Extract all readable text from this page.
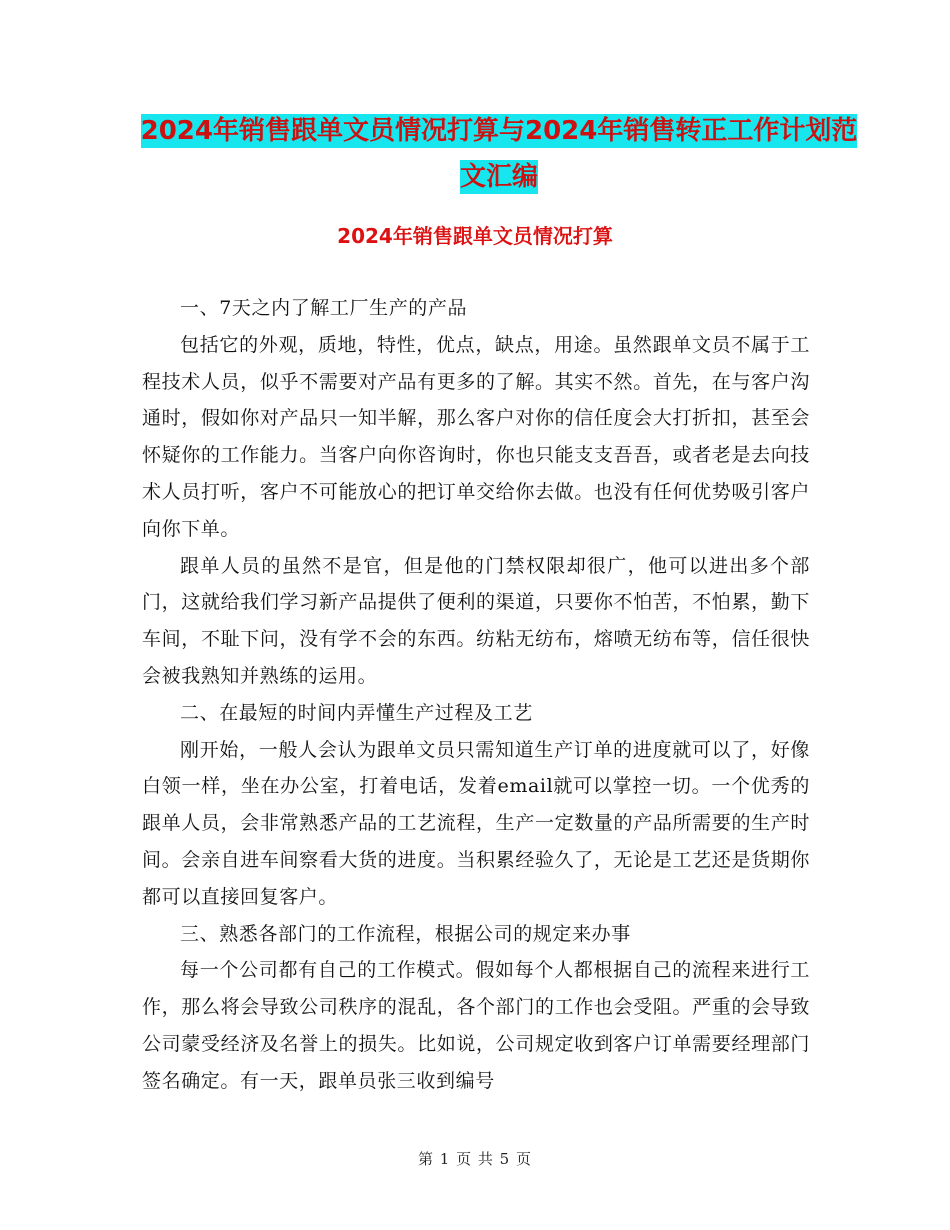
2024年销售跟单文员情况打算与2024年销售转正工作计划范文汇编
2024年销售跟单文员情况打算

一、7天之内了解工厂生产的产品

包括它的外观，质地，特性，优点，缺点，用途。虽然跟单文员不属于工程技术人员，似乎不需要对产品有更多的了解。其实不然。首先，在与客户沟通时，假如你对产品只一知半解，那么客户对你的信任度会大打折扣，甚至会怀疑你的工作能力。当客户向你咨询时，你也只能支支吾吾，或者老是去向技术人员打听，客户不可能放心的把订单交给你去做。也没有任何优势吸引客户向你下单。

跟单人员的虽然不是官，但是他的门禁权限却很广，他可以进出多个部门，这就给我们学习新产品提供了便利的渠道，只要你不怕苦，不怕累，勤下车间，不耻下问，没有学不会的东西。纺粘无纺布，熔喷无纺布等，信任很快会被我熟知并熟练的运用。

二、在最短的时间内弄懂生产过程及工艺

刚开始，一般人会认为跟单文员只需知道生产订单的进度就可以了，好像白领一样，坐在办公室，打着电话，发着email就可以掌控一切。一个优秀的跟单人员，会非常熟悉产品的工艺流程，生产一定数量的产品所需要的生产时间。会亲自进车间察看大货的进度。当积累经验久了，无论是工艺还是货期你都可以直接回复客户。

三、熟悉各部门的工作流程，根据公司的规定来办事

每一个公司都有自己的工作模式。假如每个人都根据自己的流程来进行工作，那么将会导致公司秩序的混乱，各个部门的工作也会受阻。严重的会导致公司蒙受经济及名誉上的损失。比如说，公司规定收到客户订单需要经理部门签名确定。有一天，跟单员张三收到编号

第 1 页 共 5 页
